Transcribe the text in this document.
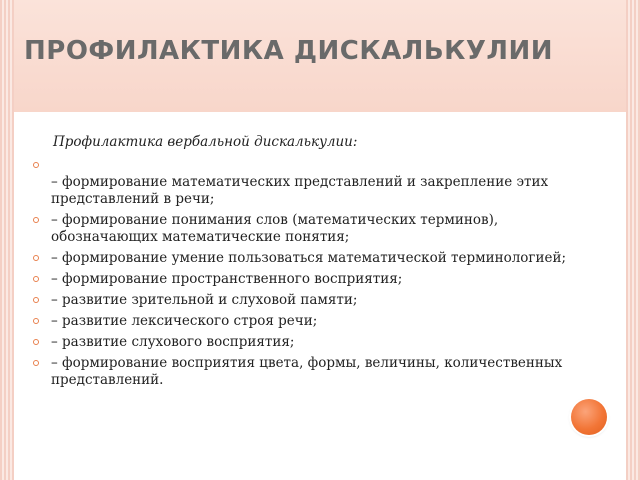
ПРОФИЛАКТИКА ДИСКАЛЬКУЛИИ
Профилактика вербальной дискалькулии:
– формирование математических представлений и закрепление этих представлений в речи;
– формирование понимания слов (математических терминов), обозначающих математические понятия;
– формирование умение пользоваться математической терминологией;
– формирование пространственного восприятия;
– развитие зрительной и слуховой памяти;
– развитие лексического строя речи;
– развитие слухового восприятия;
– формирование восприятия цвета, формы, величины, количественных представлений.
